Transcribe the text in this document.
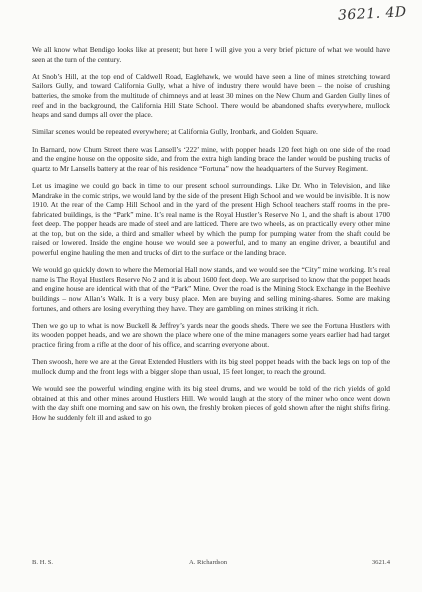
3621. 4D

We all know what Bendigo looks like at present; but here I will give you a very brief picture of what we would have seen at the turn of the century.

At Snob’s Hill, at the top end of Caldwell Road, Eaglehawk, we would have seen a line of mines stretching toward Sailors Gully, and toward California Gully, what a hive of industry there would have been – the noise of crushing batteries, the smoke from the multitude of chimneys and at least 30 mines on the New Chum and Garden Gully lines of reef and in the background, the California Hill State School. There would be abandoned shafts everywhere, mullock heaps and sand dumps all over the place.

Similar scenes would be repeated everywhere; at California Gully, Ironbark, and Golden Square.

In Barnard, now Chum Street there was Lansell’s ‘222’ mine, with popper heads 120 feet high on one side of the road and the engine house on the opposite side, and from the extra high landing brace the lander would be pushing trucks of quartz to Mr Lansells battery at the rear of his residence “Fortuna” now the headquarters of the Survey Regiment.

Let us imagine we could go back in time to our present school surroundings. Like Dr. Who in Television, and like Mandrake in the comic strips, we would land by the side of the present High School and we would be invisible. It is now 1910. At the rear of the Camp Hill School and in the yard of the present High School teachers staff rooms in the pre-fabricated buildings, is the “Park” mine. It’s real name is the Royal Hustler’s Reserve No 1, and the shaft is about 1700 feet deep. The popper heads are made of steel and are latticed. There are two wheels, as on practically every other mine at the top, but on the side, a third and smaller wheel by which the pump for pumping water from the shaft could be raised or lowered. Inside the engine house we would see a powerful, and to many an engine driver, a beautiful and powerful engine hauling the men and trucks of dirt to the surface or the landing brace.

We would go quickly down to where the Memorial Hall now stands, and we would see the “City” mine working. It’s real name is The Royal Hustlers Reserve No 2 and it is about 1600 feet deep. We are surprised to know that the poppet heads and engine house are identical with that of the “Park” Mine. Over the road is the Mining Stock Exchange in the Beehive buildings – now Allan’s Walk. It is a very busy place. Men are buying and selling mining-shares. Some are making fortunes, and others are losing everything they have. They are gambling on mines striking it rich.

Then we go up to what is now Buckell & Jeffrey’s yards near the goods sheds. There we see the Fortuna Hustlers with its wooden poppet heads, and we are shown the place where one of the mine managers some years earlier had had target practice firing from a rifle at the door of his office, and scarring everyone about.

Then swoosh, here we are at the Great Extended Hustlers with its big steel poppet heads with the back legs on top of the mullock dump and the front legs with a bigger slope than usual, 15 feet longer, to reach the ground.

We would see the powerful winding engine with its big steel drums, and we would be told of the rich yields of gold obtained at this and other mines around Hustlers Hill. We would laugh at the story of the miner who once went down with the day shift one morning and saw on his own, the freshly broken pieces of gold shown after the night shifts firing. How he suddenly felt ill and asked to go

B. H. S.	A. Richardson	3621.4
